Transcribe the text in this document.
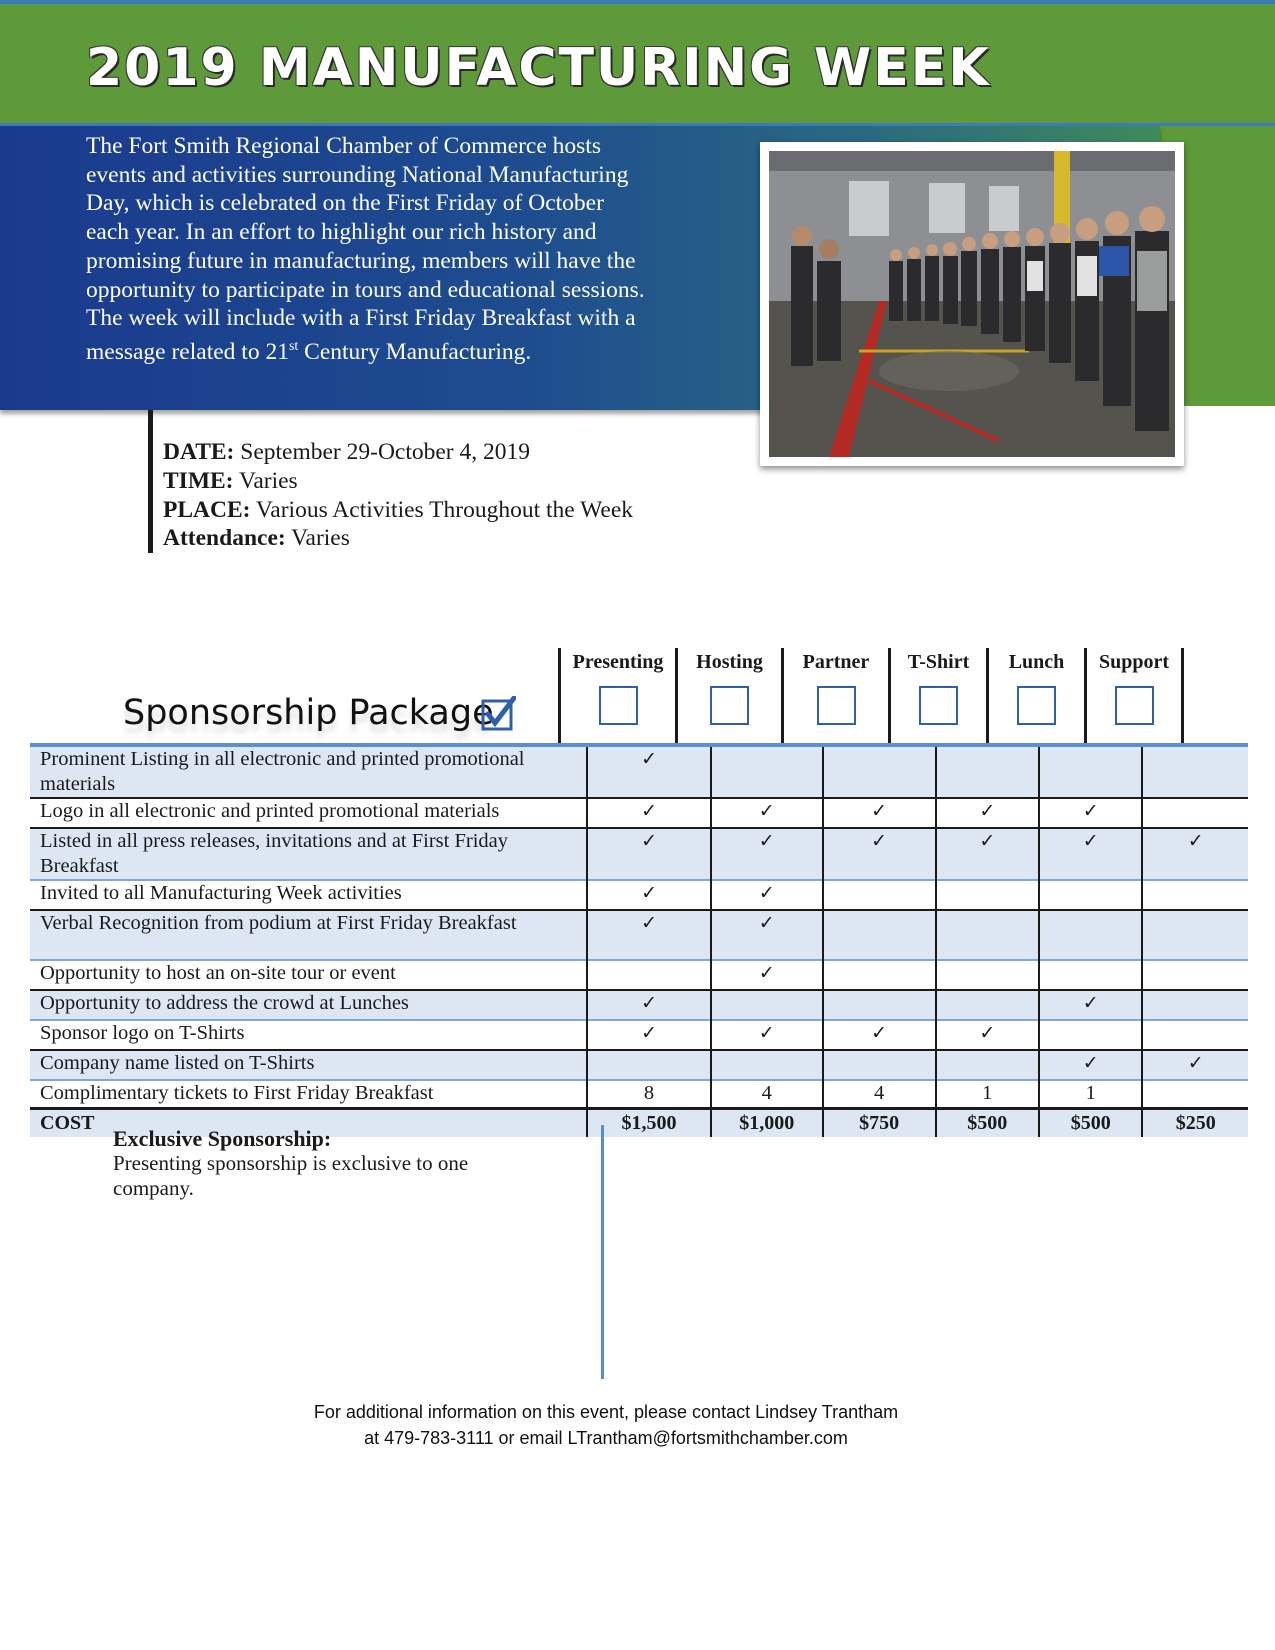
2019 MANUFACTURING WEEK

The Fort Smith Regional Chamber of Commerce hosts events and activities surrounding National Manufacturing Day, which is celebrated on the First Friday of October each year. In an effort to highlight our rich history and promising future in manufacturing, members will have the opportunity to participate in tours and educational sessions. The week will include with a First Friday Breakfast with a message related to 21st Century Manufacturing.

DATE: September 29-October 4, 2019
TIME: Varies
PLACE: Various Activities Throughout the Week
Attendance: Varies
Sponsorship Package
Presenting	Hosting	Partner	T-Shirt	Lunch	Support
Prominent Listing in all electronic and printed promotional materials	✓					
Logo in all electronic and printed promotional materials	✓	✓	✓	✓	✓	
Listed in all press releases, invitations and at First Friday Breakfast	✓	✓	✓	✓	✓	✓
Invited to all Manufacturing Week activities	✓	✓				
Verbal Recognition from podium at First Friday Breakfast	✓	✓				
Opportunity to host an on-site tour or event		✓				
Opportunity to address the crowd at Lunches	✓				✓	
Sponsor logo on T-Shirts	✓	✓	✓	✓		
Company name listed on T-Shirts					✓	✓
Complimentary tickets to First Friday Breakfast	8	4	4	1	1	
COST	$1,500	$1,000	$750	$500	$500	$250
Exclusive Sponsorship:
Presenting sponsorship is exclusive to one company.
For additional information on this event, please contact Lindsey Trantham
at 479-783-3111 or email LTrantham@fortsmithchamber.com
